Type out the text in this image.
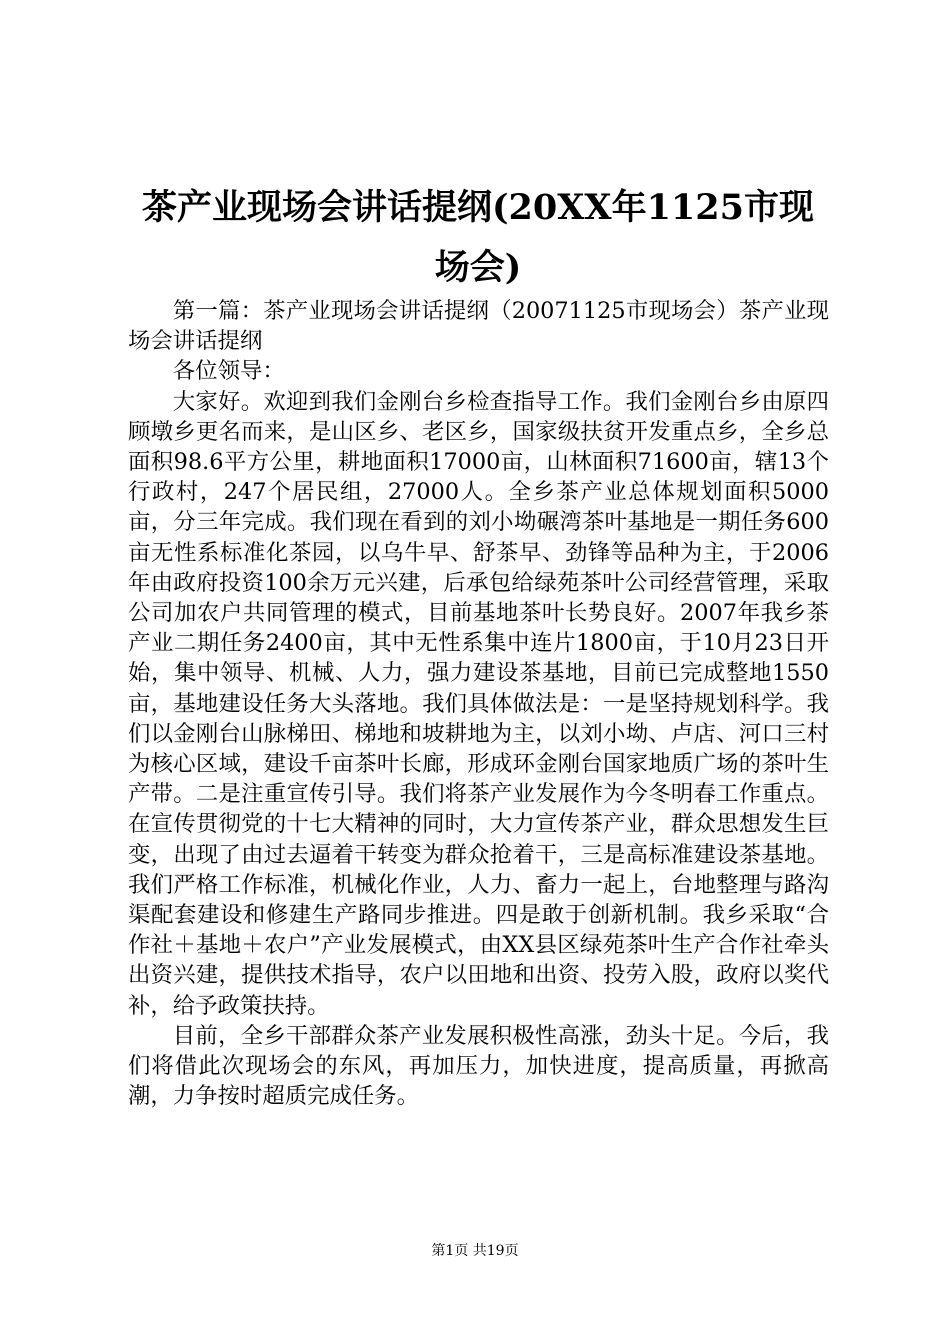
茶产业现场会讲话提纲(20XX年1125市现场会)

第一篇：茶产业现场会讲话提纲（20071125市现场会）茶产业现场会讲话提纲

各位领导：

大家好。欢迎到我们金刚台乡检查指导工作。我们金刚台乡由原四顾墩乡更名而来，是山区乡、老区乡，国家级扶贫开发重点乡，全乡总面积98.6平方公里，耕地面积17000亩，山林面积71600亩，辖13个行政村，247个居民组，27000人。全乡茶产业总体规划面积5000亩，分三年完成。我们现在看到的刘小坳碾湾茶叶基地是一期任务600亩无性系标准化茶园，以乌牛早、舒茶早、劲锋等品种为主，于2006年由政府投资100余万元兴建，后承包给绿苑茶叶公司经营管理，采取公司加农户共同管理的模式，目前基地茶叶长势良好。2007年我乡茶产业二期任务2400亩，其中无性系集中连片1800亩，于10月23日开始，集中领导、机械、人力，强力建设茶基地，目前已完成整地1550亩，基地建设任务大头落地。我们具体做法是：一是坚持规划科学。我们以金刚台山脉梯田、梯地和坡耕地为主，以刘小坳、卢店、河口三村为核心区域，建设千亩茶叶长廊，形成环金刚台国家地质广场的茶叶生产带。二是注重宣传引导。我们将茶产业发展作为今冬明春工作重点。在宣传贯彻党的十七大精神的同时，大力宣传茶产业，群众思想发生巨变，出现了由过去逼着干转变为群众抢着干，三是高标准建设茶基地。我们严格工作标准，机械化作业，人力、畜力一起上，台地整理与路沟渠配套建设和修建生产路同步推进。四是敢于创新机制。我乡采取“合作社＋基地＋农户”产业发展模式，由XX县区绿苑茶叶生产合作社牵头出资兴建，提供技术指导，农户以田地和出资、投劳入股，政府以奖代补，给予政策扶持。

目前，全乡干部群众茶产业发展积极性高涨，劲头十足。今后，我们将借此次现场会的东风，再加压力，加快进度，提高质量，再掀高潮，力争按时超质完成任务。

第1页 共19页
